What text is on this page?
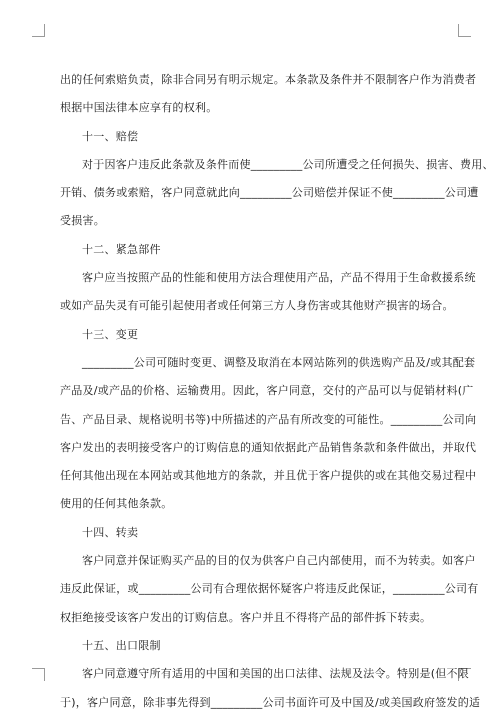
出的任何索赔负责，除非合同另有明示规定。本条款及条件并不限制客户作为消费者
根据中国法律本应享有的权利。
十一、赔偿
对于因客户违反此条款及条件而使_________公司所遭受之任何损失、损害、费用、
开销、债务或索赔，客户同意就此向_________公司赔偿并保证不使_________公司遭
受损害。
十二、紧急部件
客户应当按照产品的性能和使用方法合理使用产品，产品不得用于生命救援系统
或如产品失灵有可能引起使用者或任何第三方人身伤害或其他财产损害的场合。
十三、变更
_________公司可随时变更、调整及取消在本网站陈列的供选购产品及/或其配套
产品及/或产品的价格、运输费用。因此，客户同意，交付的产品可以与促销材料(广
告、产品目录、规格说明书等)中所描述的产品有所改变的可能性。_________公司向
客户发出的表明接受客户的订购信息的通知依据此产品销售条款和条件做出，并取代
任何其他出现在本网站或其他地方的条款，并且优于客户提供的或在其他交易过程中
使用的任何其他条款。
十四、转卖
客户同意并保证购买产品的目的仅为供客户自己内部使用，而不为转卖。如客户
违反此保证，或_________公司有合理依据怀疑客户将违反此保证，_________公司有
权拒绝接受该客户发出的订购信息。客户并且不得将产品的部件拆下转卖。
十五、出口限制
客户同意遵守所有适用的中国和美国的出口法律、法规及法令。特别是(但不限
于)，客户同意，除非事先得到_________公司书面许可及中国及/或美国政府签发的适
